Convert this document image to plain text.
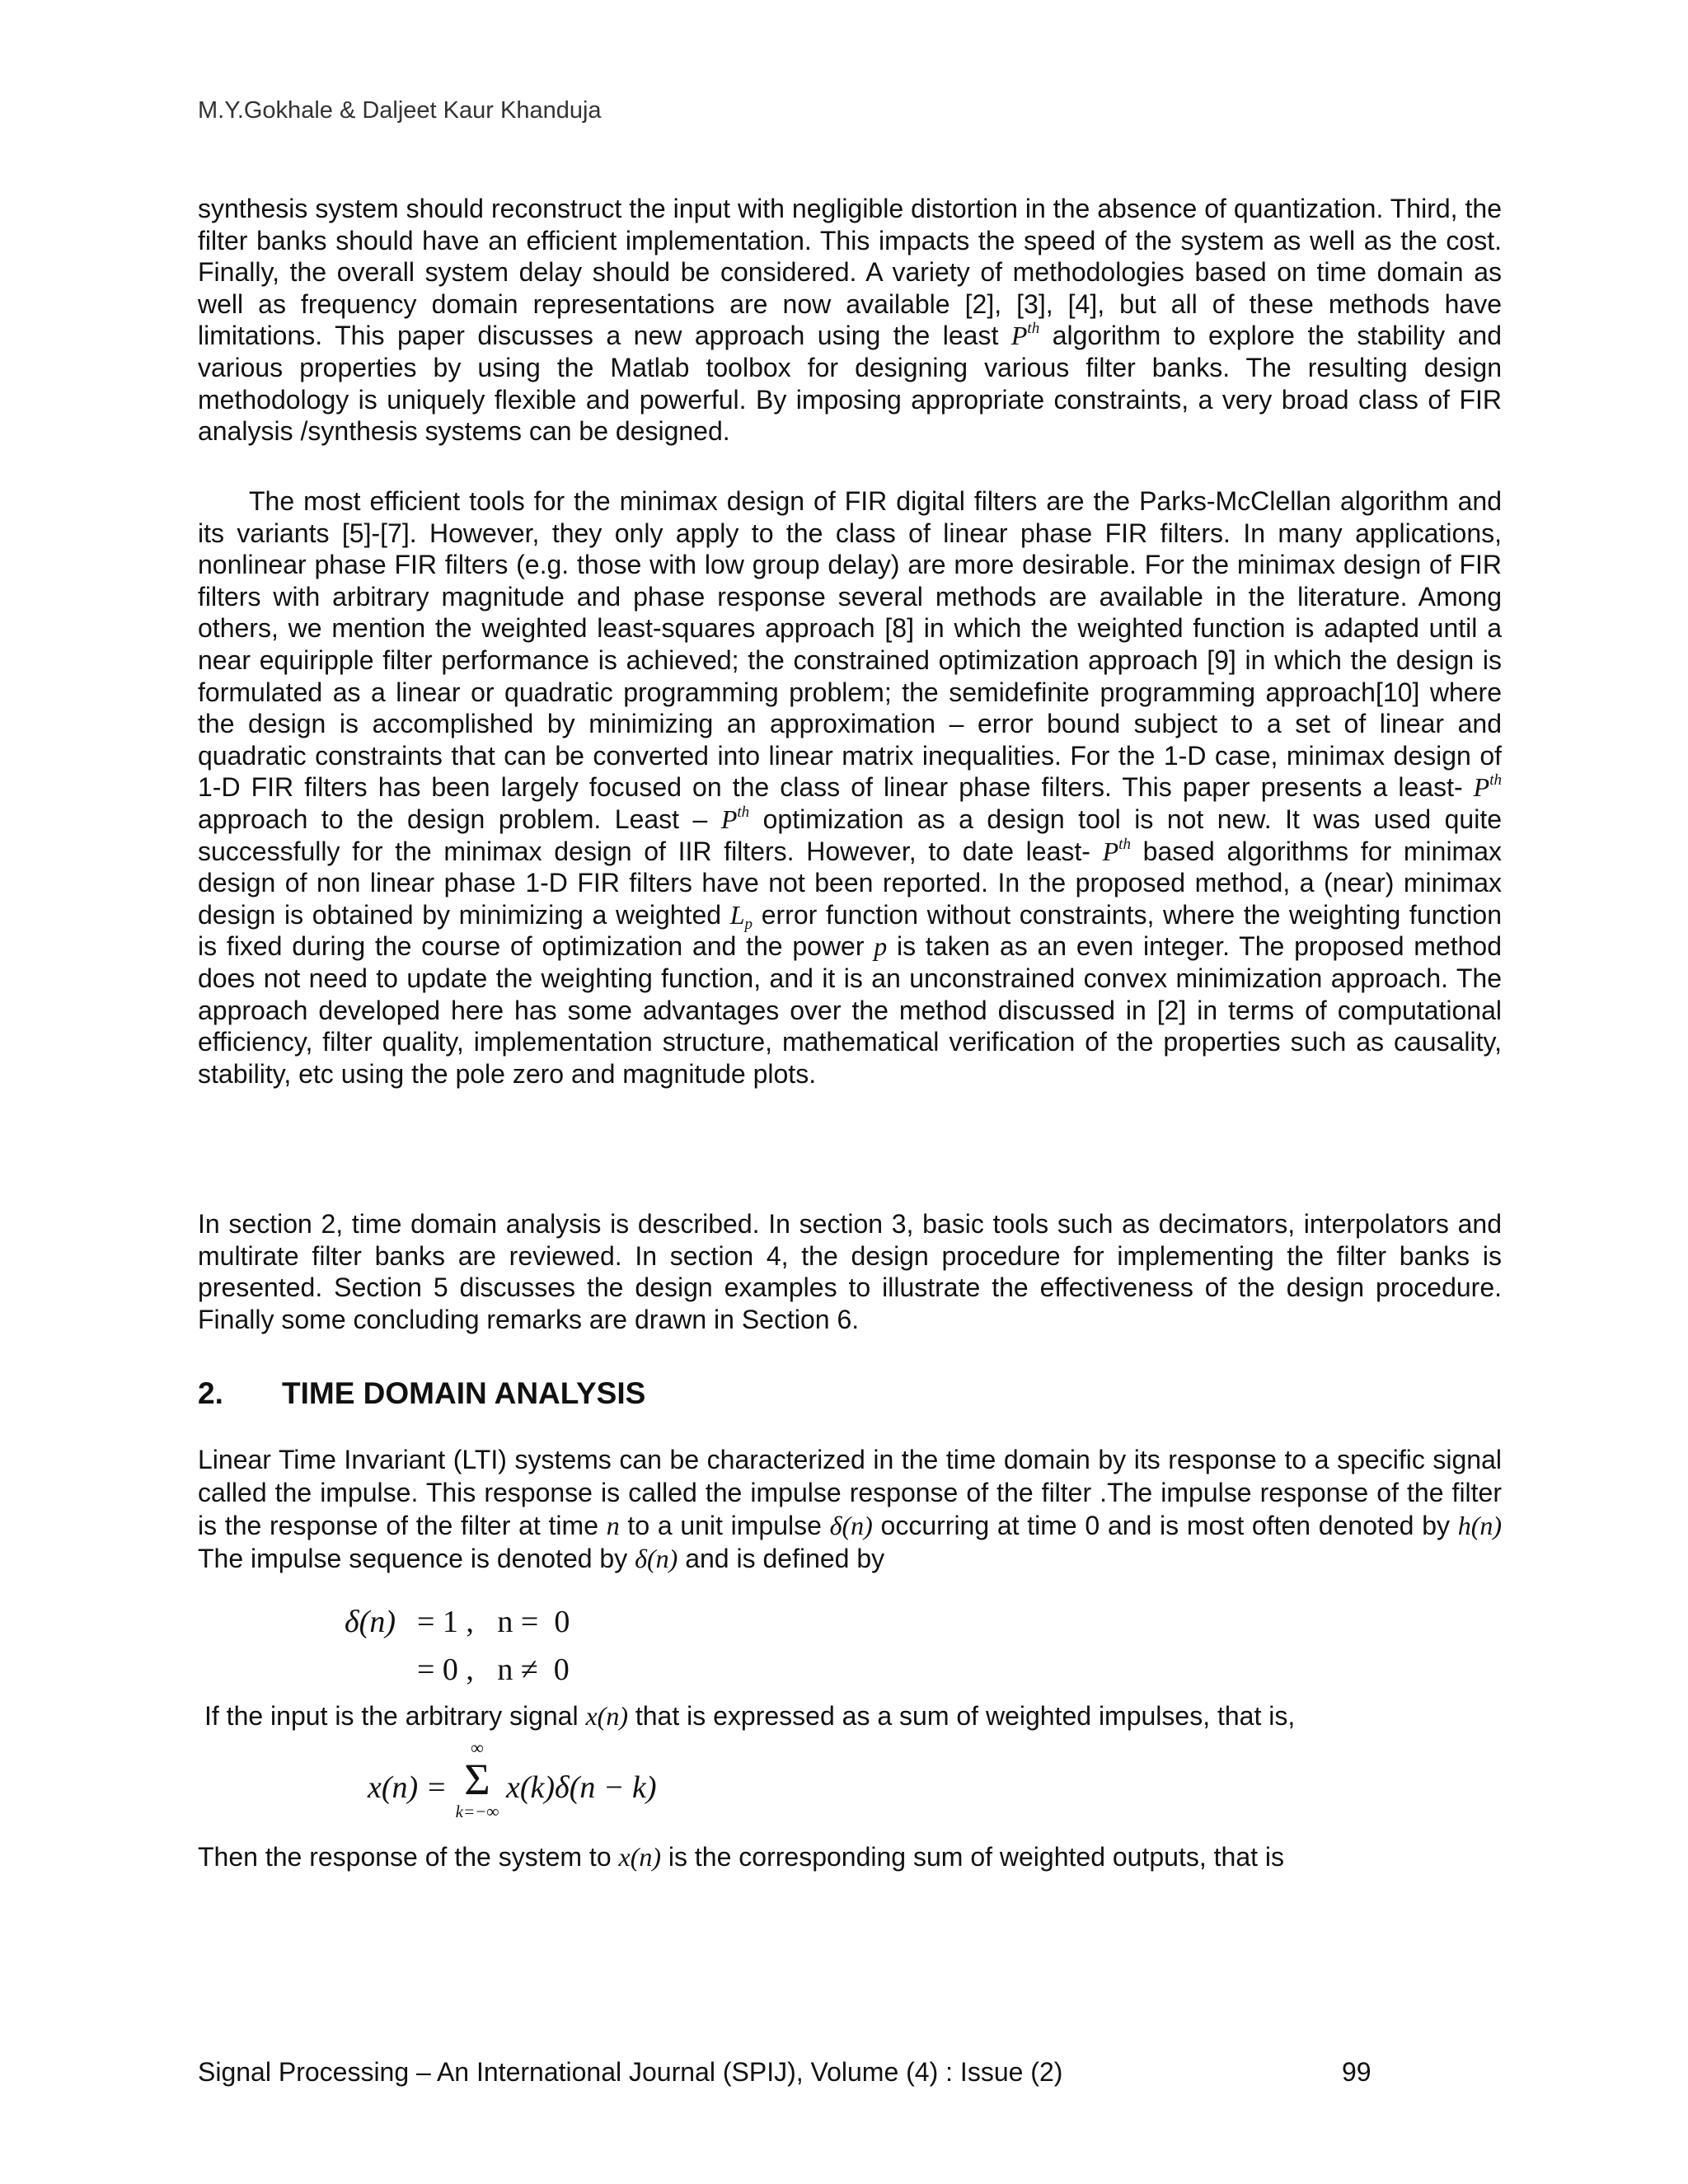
M.Y.Gokhale & Daljeet Kaur Khanduja

synthesis system should reconstruct the input with negligible distortion in the absence of quantization. Third, the filter banks should have an efficient implementation. This impacts the speed of the system as well as the cost. Finally, the overall system delay should be considered. A variety of methodologies based on time domain as well as frequency domain representations are now available [2], [3], [4], but all of these methods have limitations. This paper discusses a new approach using the least $P^{th}$ algorithm to explore the stability and various properties by using the Matlab toolbox for designing various filter banks. The resulting design methodology is uniquely flexible and powerful. By imposing appropriate constraints, a very broad class of FIR analysis /synthesis systems can be designed.

The most efficient tools for the minimax design of FIR digital filters are the Parks-McClellan algorithm and its variants [5]-[7]. However, they only apply to the class of linear phase FIR filters. In many applications, nonlinear phase FIR filters (e.g. those with low group delay) are more desirable. For the minimax design of FIR filters with arbitrary magnitude and phase response several methods are available in the literature. Among others, we mention the weighted least-squares approach [8] in which the weighted function is adapted until a near equiripple filter performance is achieved; the constrained optimization approach [9] in which the design is formulated as a linear or quadratic programming problem; the semidefinite programming approach[10] where the design is accomplished by minimizing an approximation – error bound subject to a set of linear and quadratic constraints that can be converted into linear matrix inequalities. For the 1-D case, minimax design of 1-D FIR filters has been largely focused on the class of linear phase filters. This paper presents a least- $P^{th}$ approach to the design problem. Least – $P^{th}$ optimization as a design tool is not new. It was used quite successfully for the minimax design of IIR filters. However, to date least- $P^{th}$ based algorithms for minimax design of non linear phase 1-D FIR filters have not been reported. In the proposed method, a (near) minimax design is obtained by minimizing a weighted $L_p$ error function without constraints, where the weighting function is fixed during the course of optimization and the power p is taken as an even integer. The proposed method does not need to update the weighting function, and it is an unconstrained convex minimization approach. The approach developed here has some advantages over the method discussed in [2] in terms of computational efficiency, filter quality, implementation structure, mathematical verification of the properties such as causality, stability, etc using the pole zero and magnitude plots.

In section 2, time domain analysis is described. In section 3, basic tools such as decimators, interpolators and multirate filter banks are reviewed. In section 4, the design procedure for implementing the filter banks is presented. Section 5 discusses the design examples to illustrate the effectiveness of the design procedure. Finally some concluding remarks are drawn in Section 6.

2. TIME DOMAIN ANALYSIS

Linear Time Invariant (LTI) systems can be characterized in the time domain by its response to a specific signal called the impulse. This response is called the impulse response of the filter .The impulse response of the filter is the response of the filter at time n to a unit impulse δ(n) occurring at time 0 and is most often denoted by h(n) The impulse sequence is denoted by δ(n) and is defined by

δ(n) = 1 ,   n =  0
= 0 ,   n ≠  0

If the input is the arbitrary signal x(n) that is expressed as a sum of weighted impulses, that is,

x(n) =
∞
Σ
k=−∞
x(k)δ(n − k)

Then the response of the system to x(n) is the corresponding sum of weighted outputs, that is

Signal Processing – An International Journal (SPIJ), Volume (4) : Issue (2)	99
